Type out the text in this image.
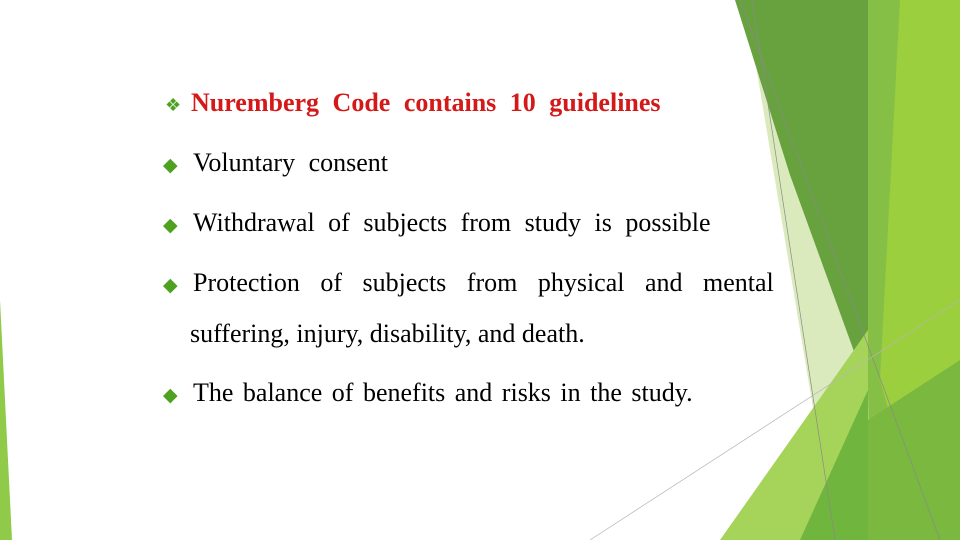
❖ Nuremberg Code contains 10 guidelines
◆ Voluntary consent
◆ Withdrawal of subjects from study is possible
◆ Protection of subjects from physical and mental
suffering, injury, disability, and death.
◆ The balance of benefits and risks in the study.
